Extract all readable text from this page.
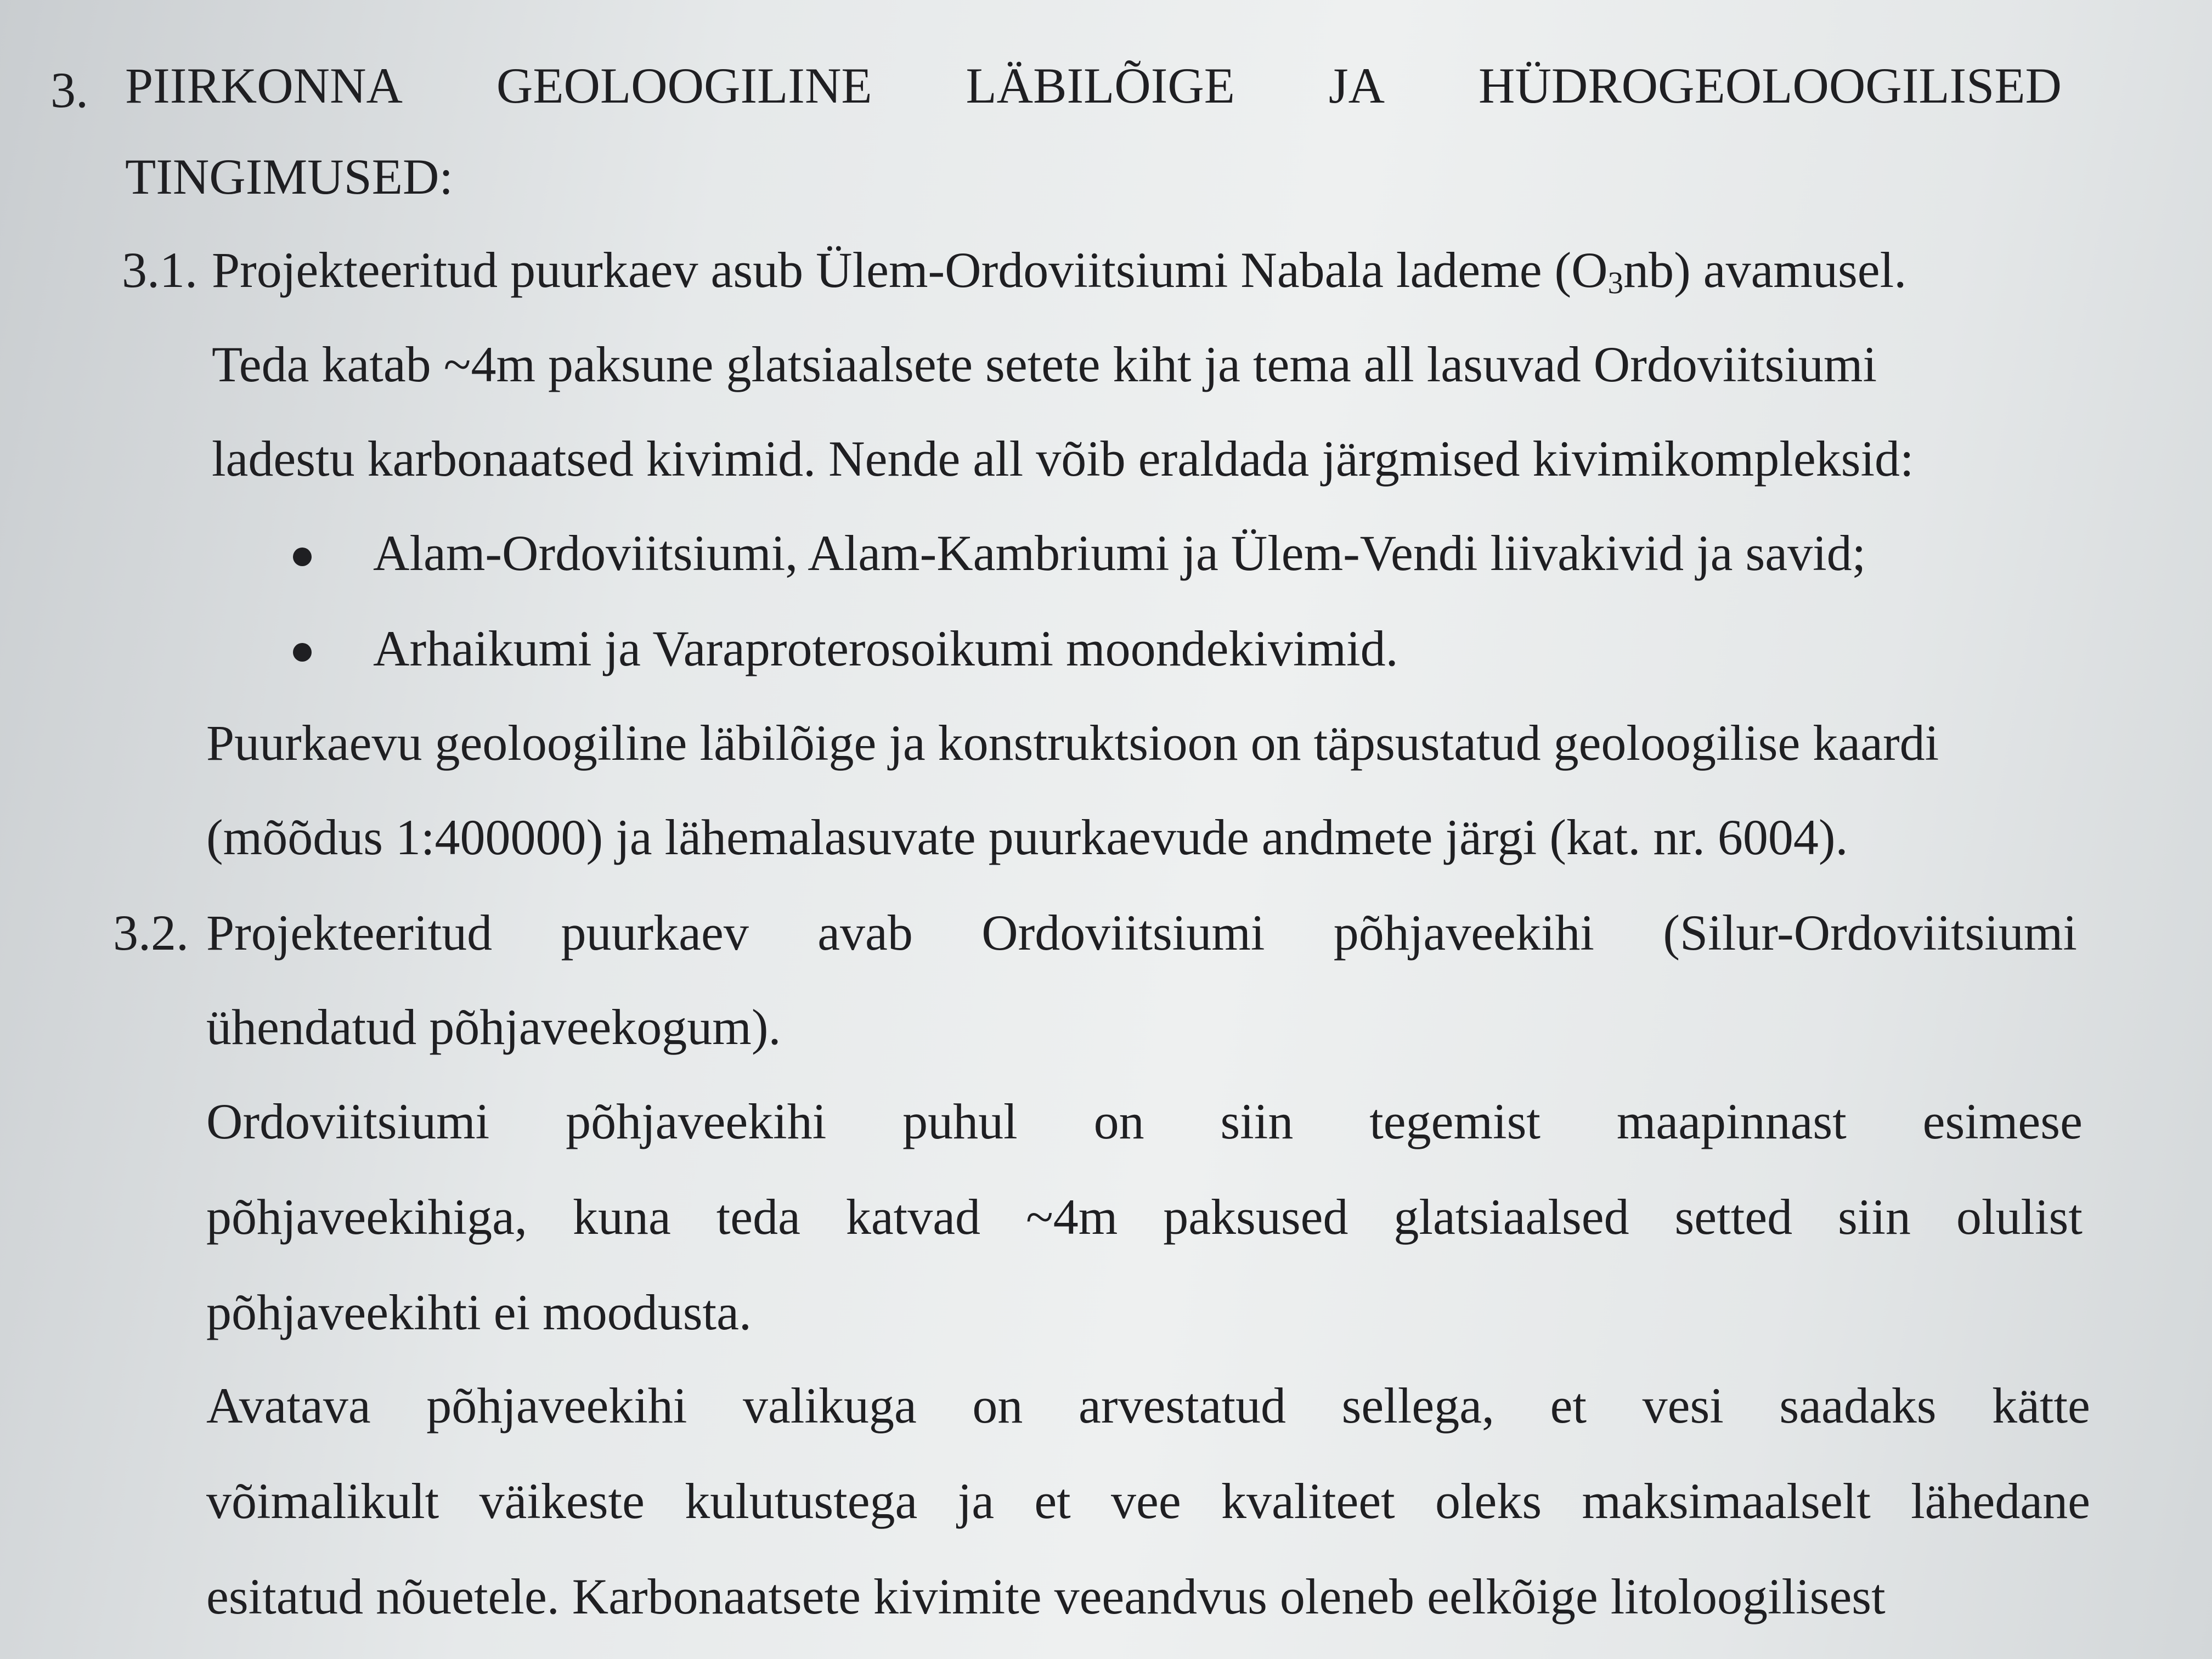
3. PIIRKONNA GEOLOOGILINE LÄBILÕIGE JA HÜDROGEOLOOGILISED
TINGIMUSED:
3.1. Projekteeritud puurkaev asub Ülem-Ordoviitsiumi Nabala lademe $(O_3nb)$ avamusel.
Teda katab ~4m paksune glatsiaalsete setete kiht ja tema all lasuvad Ordoviitsiumi
ladestu karbonaatsed kivimid. Nende all võib eraldada järgmised kivimikompleksid:
Alam-Ordoviitsiumi, Alam-Kambriumi ja Ülem-Vendi liivakivid ja savid;
Arhaikumi ja Varaproterosoikumi moondekivimid.
Puurkaevu geoloogiline läbilõige ja konstruktsioon on täpsustatud geoloogilise kaardi
(mõõdus 1:400000) ja lähemalasuvate puurkaevude andmete järgi (kat. nr. 6004).
3.2. Projekteeritud puurkaev avab Ordoviitsiumi põhjaveekihi (Silur-Ordoviitsiumi
ühendatud põhjaveekogum).
Ordoviitsiumi põhjaveekihi puhul on siin tegemist maapinnast esimese
põhjaveekihiga, kuna teda katvad ~4m paksused glatsiaalsed setted siin olulist
põhjaveekihti ei moodusta.
Avatava põhjaveekihi valikuga on arvestatud sellega, et vesi saadaks kätte
võimalikult väikeste kulutustega ja et vee kvaliteet oleks maksimaalselt lähedane
esitatud nõuetele. Karbonaatsete kivimite veeandvus oleneb eelkõige litoloogilisest
